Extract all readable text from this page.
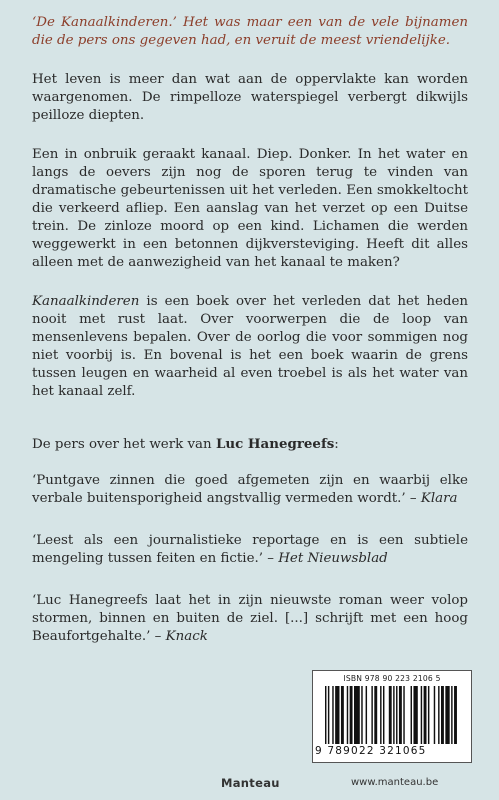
‘De Kanaalkinderen.’ Het was maar een van de vele bijnamen die de pers ons gegeven had, en veruit de meest vriendelijke.

Het leven is meer dan wat aan de oppervlakte kan worden waargenomen. De rimpelloze waterspiegel verbergt dikwijls peilloze diepten.

Een in onbruik geraakt kanaal. Diep. Donker. In het water en langs de oevers zijn nog de sporen terug te vinden van dramatische gebeurtenissen uit het verleden. Een smokkeltocht die verkeerd afliep. Een aanslag van het verzet op een Duitse trein. De zinloze moord op een kind. Lichamen die werden weggewerkt in een betonnen dijkversteviging. Heeft dit alles alleen met de aanwezigheid van het kanaal te maken?

Kanaalkinderen is een boek over het verleden dat het heden nooit met rust laat. Over voorwerpen die de loop van mensenlevens bepalen. Over de oorlog die voor sommigen nog niet voorbij is. En bovenal is het een boek waarin de grens tussen leugen en waarheid al even troebel is als het water van het kanaal zelf.

De pers over het werk van Luc Hanegreefs:

‘Puntgave zinnen die goed afgemeten zijn en waarbij elke verbale buitensporigheid angstvallig vermeden wordt.’ – Klara

‘Leest als een journalistieke reportage en is een subtiele mengeling tussen feiten en fictie.’ – Het Nieuwsblad

‘Luc Hanegreefs laat het in zijn nieuwste roman weer volop stormen, binnen en buiten de ziel. [...] schrijft met een hoog Beaufortgehalte.’ – Knack

ISBN 978 90 223 2106 5
9 789022 321065
Manteau	www.manteau.be
